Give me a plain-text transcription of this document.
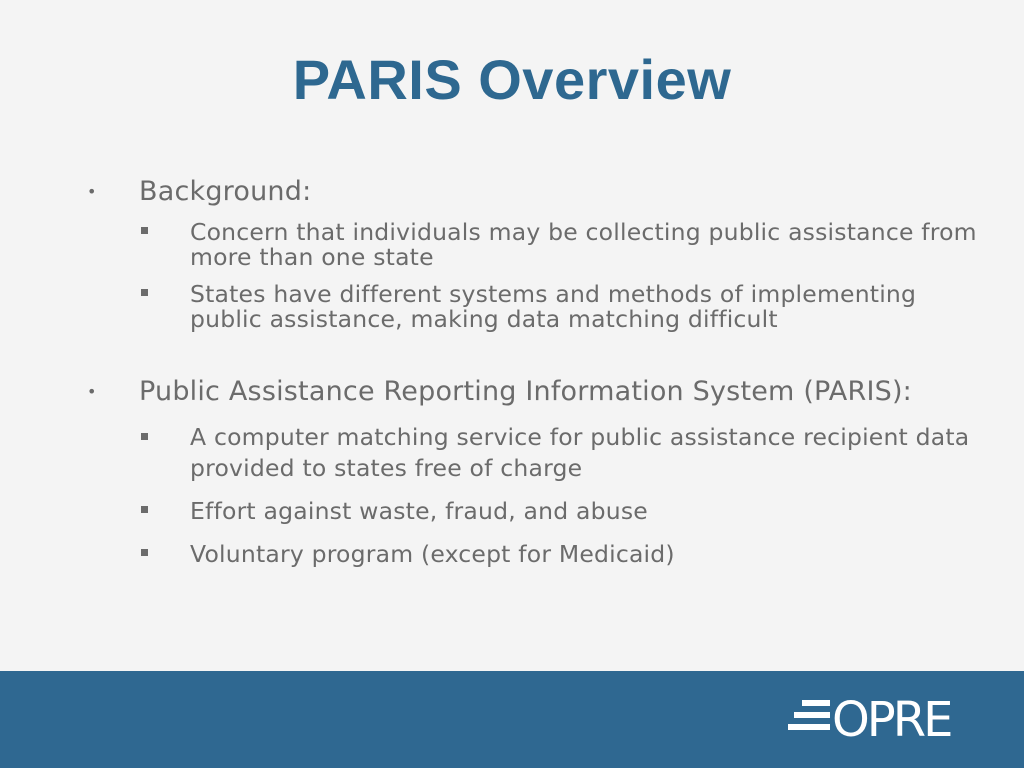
PARIS Overview
• Background:
Concern that individuals may be collecting public assistance from more than one state
States have different systems and methods of implementing public assistance, making data matching difficult
• Public Assistance Reporting Information System (PARIS):
A computer matching service for public assistance recipient data provided to states free of charge
Effort against waste, fraud, and abuse
Voluntary program (except for Medicaid)
OPRE
